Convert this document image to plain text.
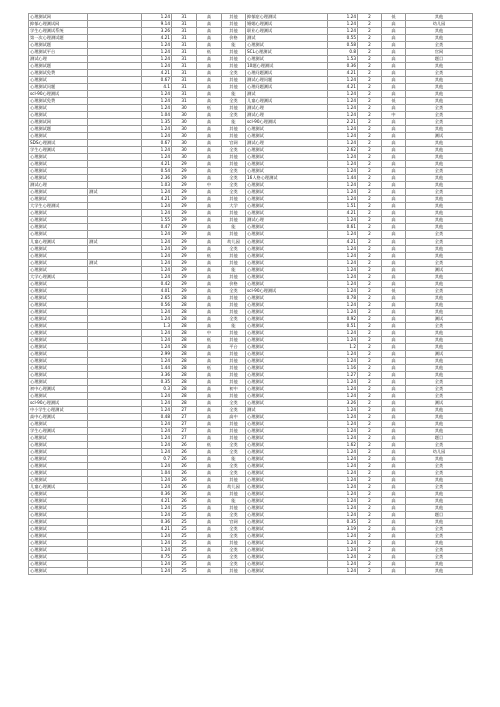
心理测试网		1.24	31	高	其他	抑郁症心理测试	1.24	2	低	其他
抑郁心理测试网		9.14	31	高	其他	婚姻心理测试	1.24	2	高	幼儿园
学生心理测试系统		3.26	31	高	其他	职业心理测试	1.24	2	高	其他
第一次心理测试题		4.21	31	高	价格	测试	0.55	2	高	其他
心理测试题		1.24	31	高	能	心理测试	0.58	2	高	全类
心理测试平台		1.24	31	低	其他	SCL心理测试	0.8	2	高	官网
测试心理		1.24	31	高	其他	心理测试	1.53	2	高	题目
心理测试题		1.24	31	高	其他	10题心理测试	0.36	2	高	其他
心理测试免费		4.21	31	高	全类	心理问题测试	4.21	2	高	全类
心理测试		0.67	31	高	其他	测试心理问题	1.24	2	高	其他
心理测试问题		4.1	31	高	其他	心理问题测试	4.21	2	高	其他
scl-90心理测试		1.24	31	高	能	测试	1.24	2	高	其他
心理测试免费		1.24	31	高	全类	儿童心理测试	1.24	2	低	其他
心理测试		1.24	30	低	其他	测试心理	1.24	2	高	全类
心理测试		1.04	30	高	全类	测试心理	1.24	2	中	全类
心理测试网		1.35	30	高	能	scl-90心理测试	2.21	2	高	全类
心理测试题		1.24	30	高	其他	心理测试	1.24	2	高	其他
心理测试		1.24	30	高	其他	心理测试	1.24	2	高	测试
SDS心理测试		0.67	30	高	官网	测试心理	1.24	2	高	其他
学生心理测试		1.24	30	高	全类	心理测试	2.62	2	高	其他
心理测试		1.24	30	高	其他	心理测试	1.24	2	高	其他
心理测试		4.21	29	高	其他	心理测试	1.24	2	高	其他
心理测试		0.54	29	高	全类	心理测试	1.24	2	高	全类
心理测试		2.36	29	高	全类	16人格心理测试	1.44	2	高	其他
测试心理		1.03	29	中	全类	心理测试	1.24	2	高	其他
心理测试	测试	1.24	29	高	全类	心理测试	1.24	2	高	全类
心理测试		4.21	29	高	其他	心理测试	1.24	2	高	其他
大学生心理测试		1.24	29	高	大学	心理测试	1.51	2	高	其他
心理测试		1.24	29	高	其他	心理测试	4.21	2	高	其他
心理测试		1.55	29	高	其他	测试心理	1.24	2	高	其他
心理测试		0.47	29	高	能	心理测试	0.61	2	高	其他
心理测试		1.24	29	高	其他	心理测试	1.24	2	高	全类
儿童心理测试	测试	1.24	29	高	幼儿园	心理测试	4.21	2	高	全类
心理测试		1.24	29	高	全类	心理测试	1.24	2	高	其他
心理测试		1.24	29	低	其他	心理测试	1.24	2	高	其他
心理测试	测试	1.24	29	高	其他	心理测试	1.24	2	高	全类
心理测试		1.24	29	高	能	心理测试	1.24	2	高	测试
大学心理测试		1.24	29	高	其他	心理测试	1.24	2	高	其他
心理测试		0.42	29	高	价格	心理测试	1.24	2	高	其他
心理测试		4.01	29	高	全类	scl-90心理测试	1.24	2	低	全类
心理测试		2.65	28	高	其他	心理测试	0.78	2	高	其他
心理测试		0.56	28	高	其他	心理测试	1.24	2	高	其他
心理测试		1.24	28	高	其他	心理测试	1.24	2	高	其他
心理测试		1.24	28	高	全类	心理测试	0.92	2	高	测试
心理测试		1.3	28	高	能	心理测试	0.51	2	高	全类
心理测试		1.24	28	中	其他	心理测试	1.24	2	高	其他
心理测试		1.24	28	低	其他	心理测试	1.24	2	高	其他
心理测试		1.24	28	高	平台	心理测试	1.2	2	高	其他
心理测试		2.99	28	高	其他	心理测试	1.24	2	高	测试
心理测试		1.24	28	高	其他	心理测试	1.24	2	高	其他
心理测试		1.44	28	低	其他	心理测试	1.16	2	高	其他
心理测试		3.36	28	高	其他	心理测试	1.27	2	高	其他
心理测试		0.35	28	高	其他	心理测试	1.24	2	高	全类
初中心理测试		0.3	28	高	初中	心理测试	1.24	2	高	全类
心理测试		1.24	28	高	其他	心理测试	1.24	2	高	全类
scl-90心理测试		1.24	28	高	全类	心理测试	3.26	2	高	测试
中小学生心理测试		1.24	27	高	全类	测试	1.24	2	高	其他
高中心理测试		0.48	27	高	高中	心理测试	1.24	2	高	其他
心理测试		1.24	27	高	其他	心理测试	1.24	2	高	其他
学生心理测试		1.24	27	高	其他	心理测试	1.24	2	高	其他
心理测试		1.24	27	高	其他	心理测试	1.24	2	高	题目
心理测试		1.24	26	低	全类	心理测试	1.62	2	高	全类
心理测试		1.24	26	高	全类	心理测试	1.24	2	高	幼儿园
心理测试		0.7	26	高	能	心理测试	1.24	2	高	其他
心理测试		1.24	26	高	全类	心理测试	1.24	2	高	全类
心理测试		1.04	26	高	全类	心理测试	1.24	2	高	全类
心理测试		1.24	26	高	其他	心理测试	1.24	2	高	其他
儿童心理测试		1.24	26	高	幼儿园	心理测试	1.24	2	高	全类
心理测试		0.36	26	高	其他	心理测试	1.24	2	高	其他
心理测试		4.21	26	高	能	心理测试	1.24	2	高	其他
心理测试		1.24	25	高	其他	心理测试	1.24	2	高	其他
心理测试		1.24	25	高	全类	心理测试	1.24	2	高	题目
心理测试		0.36	25	高	官网	心理测试	0.35	2	高	其他
心理测试		4.21	25	高	全类	心理测试	3.19	2	高	全类
心理测试		1.24	25	高	全类	心理测试	1.24	2	高	全类
心理测试		1.24	25	高	其他	心理测试	1.24	2	高	其他
心理测试		1.24	25	高	全类	心理测试	1.24	2	高	全类
心理测试		0.75	25	高	全类	心理测试	1.24	2	高	全类
心理测试		1.24	25	高	全类	心理测试	1.24	2	高	其他
心理测试		1.24	25	高	其他	心理测试	1.24	2	高	其他
